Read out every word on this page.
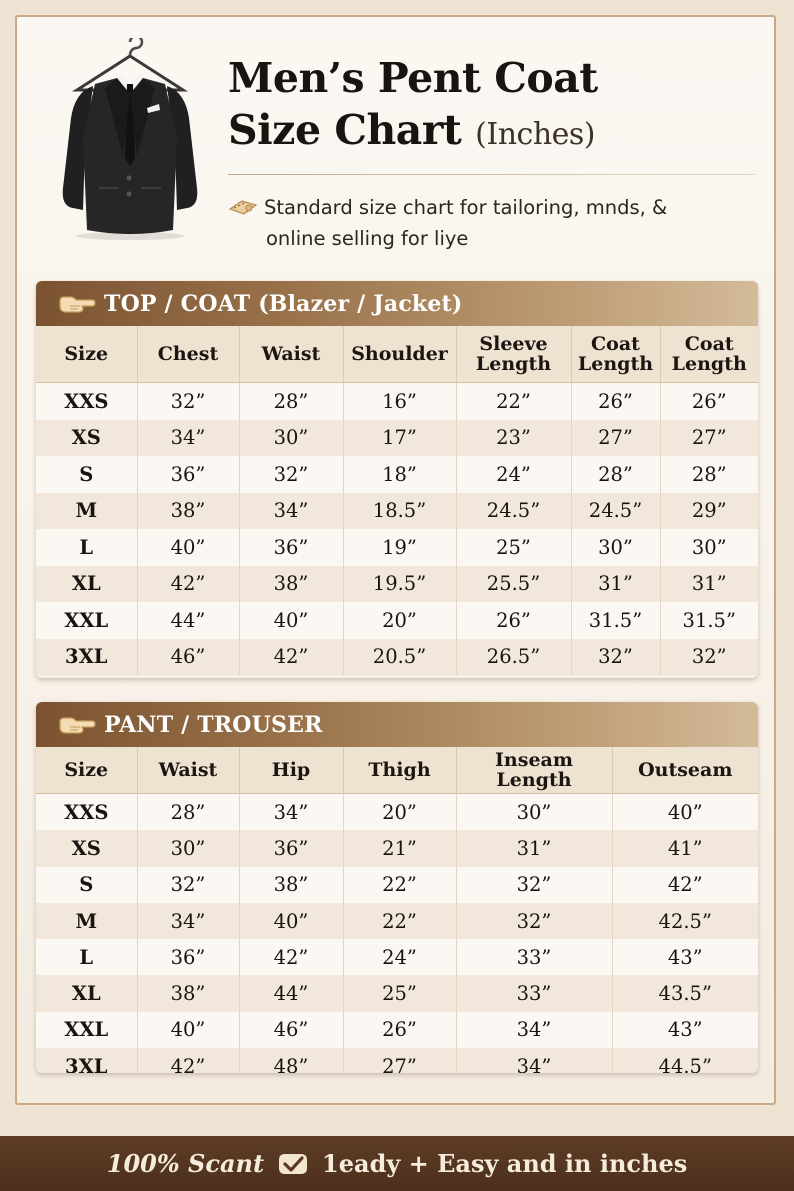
Men’s Pent Coat
Size Chart (Inches)
Standard size chart for tailoring, mnds, &
online selling for liye
TOP / COAT (Blazer / Jacket)
Size	Chest	Waist	Shoulder	Sleeve Length	Coat Length	Coat Length
XXS	32”	28”	16”	22”	26”	26”
XS	34”	30”	17”	23”	27”	27”
S	36”	32”	18”	24”	28”	28”
M	38”	34”	18.5”	24.5”	24.5”	29”
L	40”	36”	19”	25”	30”	30”
XL	42”	38”	19.5”	25.5”	31”	31”
XXL	44”	40”	20”	26”	31.5”	31.5”
3XL	46”	42”	20.5”	26.5”	32”	32”
PANT / TROUSER
Size	Waist	Hip	Thigh	Inseam Length	Outseam
XXS	28”	34”	20”	30”	40”
XS	30”	36”	21”	31”	41”
S	32”	38”	22”	32”	42”
M	34”	40”	22”	32”	42.5”
L	36”	42”	24”	33”	43”
XL	38”	44”	25”	33”	43.5”
XXL	40”	46”	26”	34”	43”
3XL	42”	48”	27”	34”	44.5”
100% Scant 1eady + Easy and in inches
